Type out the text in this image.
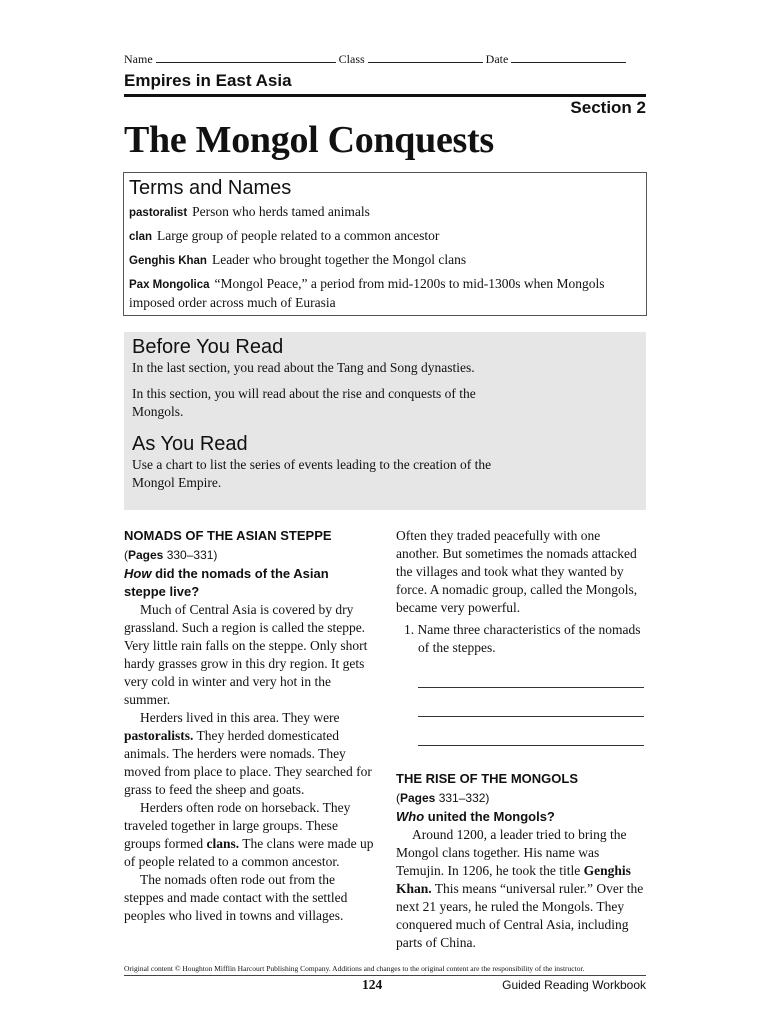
Name	Class	Date
Empires in East Asia
Section 2
The Mongol Conquests
Terms and Names
pastoralist Person who herds tamed animals
clan Large group of people related to a common ancestor
Genghis Khan Leader who brought together the Mongol clans
Pax Mongolica “Mongol Peace,” a period from mid-1200s to mid-1300s when Mongols imposed order across much of Eurasia
Before You Read

In the last section, you read about the Tang and Song dynasties.

In this section, you will read about the rise and conquests of the Mongols.

As You Read

Use a chart to list the series of events leading to the creation of the Mongol Empire.

NOMADS OF THE ASIAN STEPPE
(Pages 330–331)
How did the nomads of the Asian steppe live?

Much of Central Asia is covered by dry grassland. Such a region is called the steppe. Very little rain falls on the steppe. Only short hardy grasses grow in this dry region. It gets very cold in winter and very hot in the summer.

Herders lived in this area. They were pastoralists. They herded domesticated animals. The herders were nomads. They moved from place to place. They searched for grass to feed the sheep and goats.

Herders often rode on horseback. They traveled together in large groups. These groups formed clans. The clans were made up of people related to a common ancestor.

The nomads often rode out from the steppes and made contact with the settled peoples who lived in towns and villages.

Often they traded peacefully with one another. But sometimes the nomads attacked the villages and took what they wanted by force. A nomadic group, called the Mongols, became very powerful.

1. Name three characteristics of the nomads of the steppes.

THE RISE OF THE MONGOLS
(Pages 331–332)
Who united the Mongols?

Around 1200, a leader tried to bring the Mongol clans together. His name was Temujin. In 1206, he took the title Genghis Khan. This means “universal ruler.” Over the next 21 years, he ruled the Mongols. They conquered much of Central Asia, including parts of China.

Original content © Houghton Mifflin Harcourt Publishing Company. Additions and changes to the original content are the responsibility of the instructor.
124	Guided Reading Workbook
